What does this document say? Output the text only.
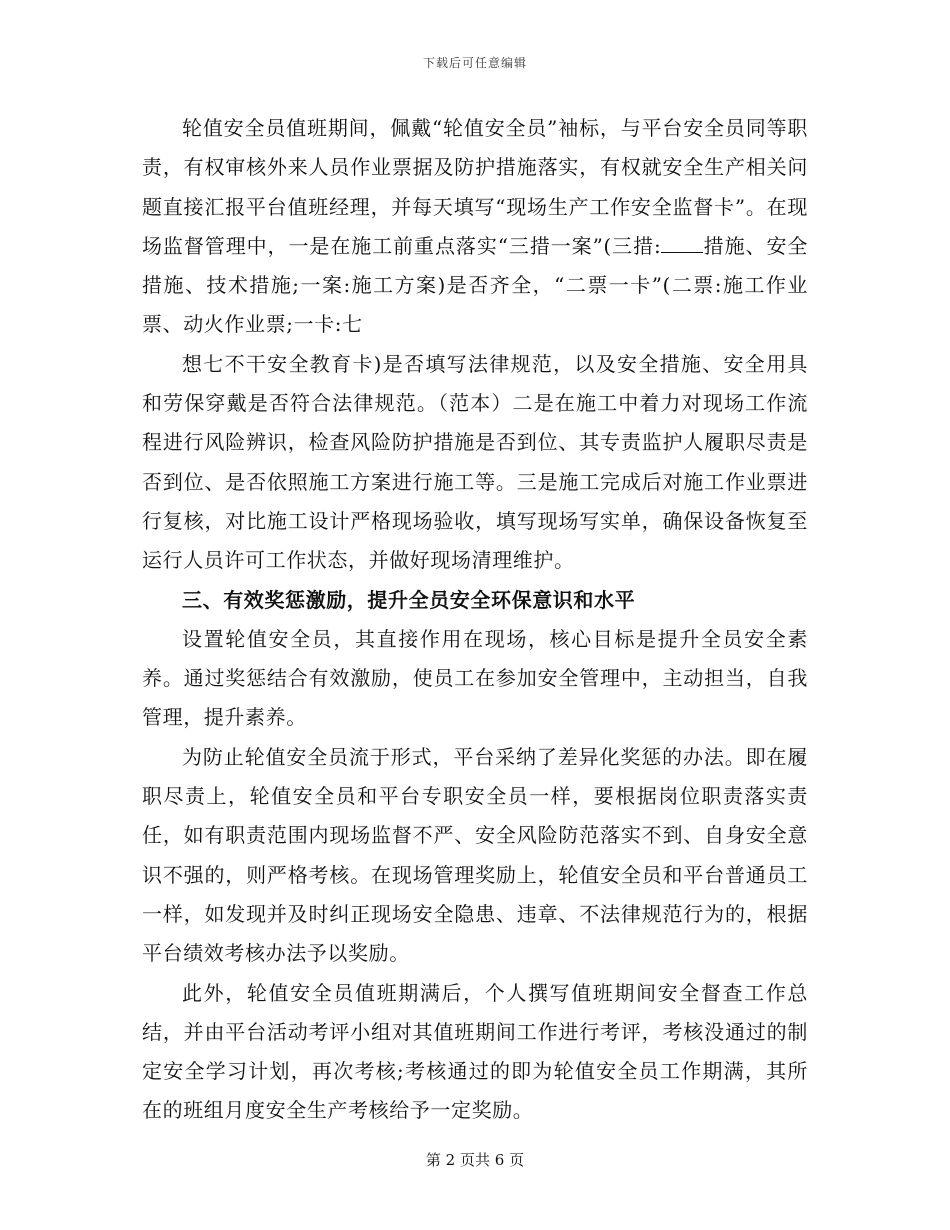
下载后可任意编辑

轮值安全员值班期间，佩戴“轮值安全员”袖标，与平台安全员同等职责，有权审核外来人员作业票据及防护措施落实，有权就安全生产相关问题直接汇报平台值班经理，并每天填写“现场生产工作安全监督卡”。在现场监督管理中，一是在施工前重点落实“三措一案”(三措: 措施、安全措施、技术措施;一案:施工方案)是否齐全，“二票一卡”(二票:施工作业票、动火作业票;一卡:七

想七不干安全教育卡)是否填写法律规范，以及安全措施、安全用具和劳保穿戴是否符合法律规范。（范本）二是在施工中着力对现场工作流程进行风险辨识，检查风险防护措施是否到位、其专责监护人履职尽责是否到位、是否依照施工方案进行施工等。三是施工完成后对施工作业票进行复核，对比施工设计严格现场验收，填写现场写实单，确保设备恢复至运行人员许可工作状态，并做好现场清理维护。

三、有效奖惩激励，提升全员安全环保意识和水平

设置轮值安全员，其直接作用在现场，核心目标是提升全员安全素养。通过奖惩结合有效激励，使员工在参加安全管理中，主动担当，自我管理，提升素养。

为防止轮值安全员流于形式，平台采纳了差异化奖惩的办法。即在履职尽责上，轮值安全员和平台专职安全员一样，要根据岗位职责落实责任，如有职责范围内现场监督不严、安全风险防范落实不到、自身安全意识不强的，则严格考核。在现场管理奖励上，轮值安全员和平台普通员工一样，如发现并及时纠正现场安全隐患、违章、不法律规范行为的，根据平台绩效考核办法予以奖励。

此外，轮值安全员值班期满后，个人撰写值班期间安全督查工作总结，并由平台活动考评小组对其值班期间工作进行考评，考核没通过的制定安全学习计划，再次考核;考核通过的即为轮值安全员工作期满，其所在的班组月度安全生产考核给予一定奖励。

第 2 页共 6 页
